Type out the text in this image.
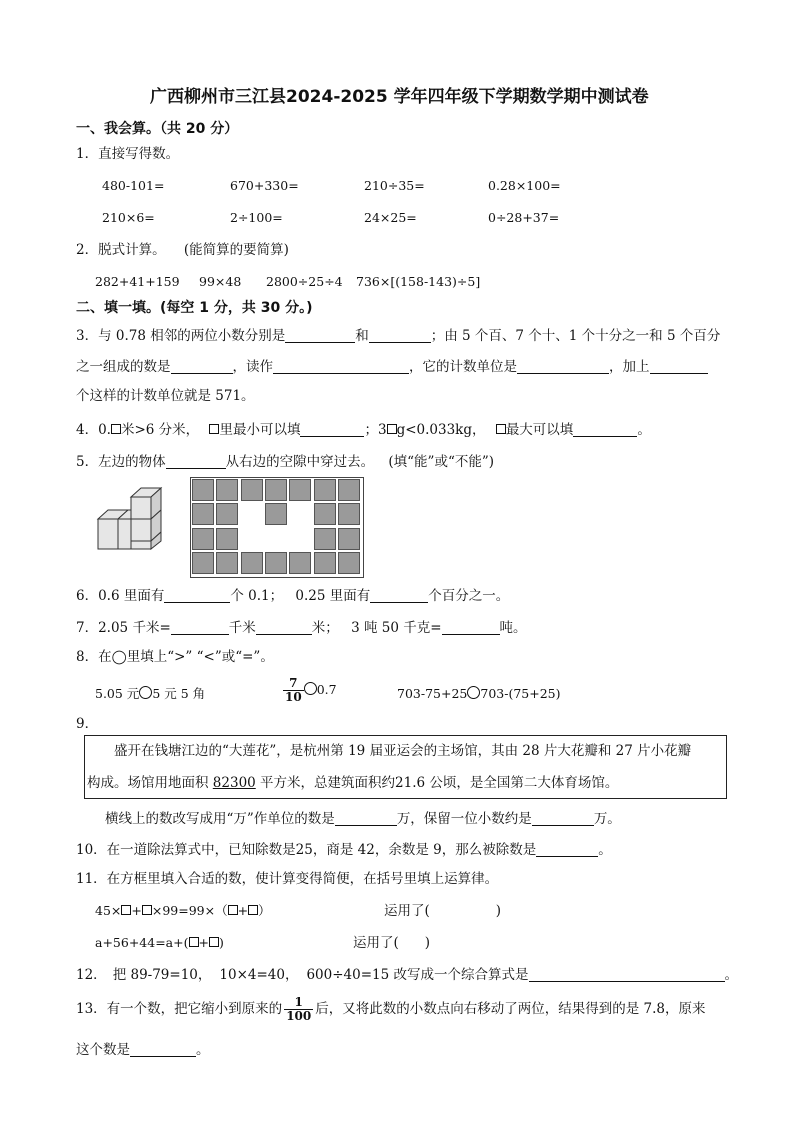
广西柳州市三江县2024-2025 学年四年级下学期数学期中测试卷
一、我会算。（共 20 分）
1．直接写得数。
480-101=	670+330=	210÷35=	0.28×100=
210×6=	2÷100=	24×25=	0÷28+37=
2．脱式计算。 (能简算的要简算)
282+41+159 99×48 2800÷25÷4 736×[(158-143)÷5]
二、填一填。(每空 1 分，共 30 分。)
3．与 0.78 相邻的两位小数分别是	和	；由 5 个百、7 个十、1 个十分之一和 5 个百分
之一组成的数是	，读作	，它的计数单位是	，加上
个这样的计数单位就是 571。
4．0. 米>6 分米， 里最小可以填	；3 g<0.033kg， 最大可以填	。
5．左边的物体	从右边的空隙中穿过去。 (填“能”或“不能”)
6．0.6 里面有	个 0.1； 0.25 里面有	个百分之一。
7．2.05 千米=	千米	米； 3 吨 50 千克=	吨。
8．在◯里填上“>” “<”或“=”。
5.05 元 5 元 5 角	$\frac{7}{10} 0.7$	703-75+25 703-(75+25)
9．
盛开在钱塘江边的“大莲花”，是杭州第 19 届亚运会的主场馆，其由 28 片大花瓣和 27 片小花瓣
构成。场馆用地面积 82300 平方米，总建筑面积约21.6 公顷，是全国第二大体育场馆。
横线上的数改写成用“万”作单位的数是	万，保留一位小数约是	万。
10．在一道除法算式中，已知除数是25，商是 42，余数是 9，那么被除数是	。
11．在方框里填入合适的数，使计算变得简便，在括号里填上运算律。
45× + ×99=99×（ + ）	运用了(	)
a+56+44=a+( + )	运用了( )
12． 把 89-79=10， 10×4=40， 600÷40=15 改写成一个综合算式是	。
13．有一个数，把它缩小到原来的 $\frac{1}{100}$ 后，又将此数的小数点向右移动了两位，结果得到的是 7.8，原来
这个数是	。
